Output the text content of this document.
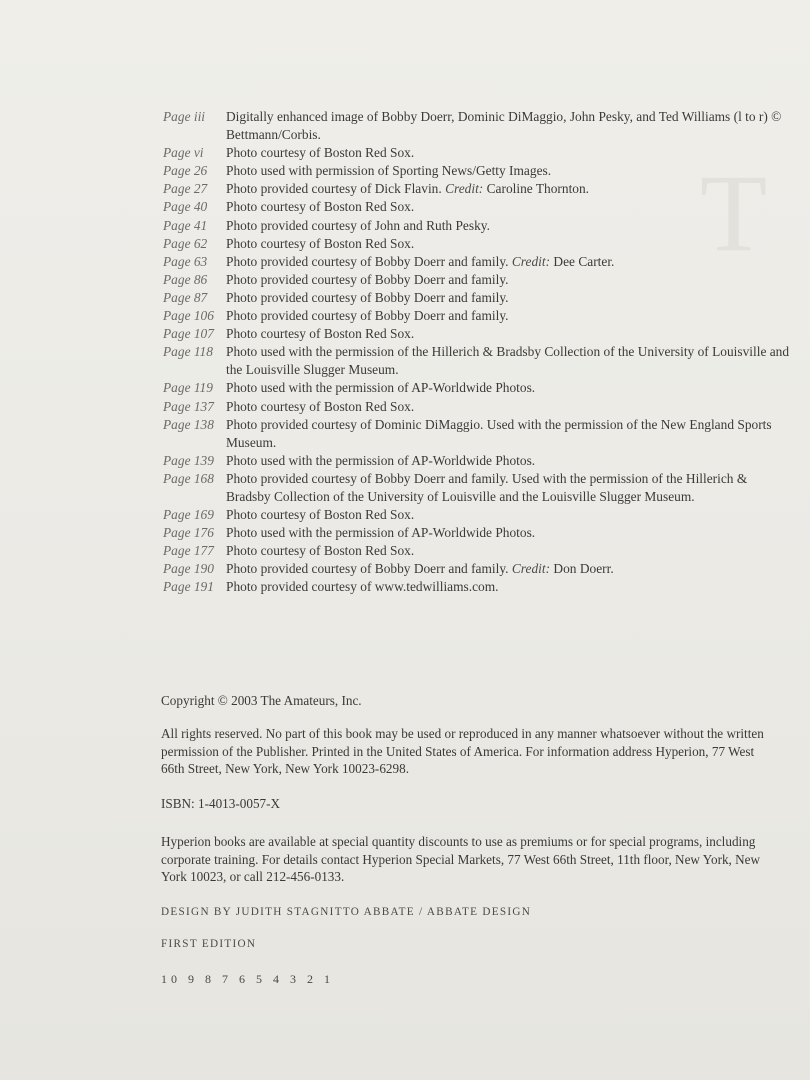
T
Page iii	Digitally enhanced image of Bobby Doerr, Dominic DiMaggio, John Pesky, and Ted Williams (l to r) © Bettmann/Corbis.
Page vi	Photo courtesy of Boston Red Sox.
Page 26	Photo used with permission of Sporting News/Getty Images.
Page 27	Photo provided courtesy of Dick Flavin. Credit: Caroline Thornton.
Page 40	Photo courtesy of Boston Red Sox.
Page 41	Photo provided courtesy of John and Ruth Pesky.
Page 62	Photo courtesy of Boston Red Sox.
Page 63	Photo provided courtesy of Bobby Doerr and family. Credit: Dee Carter.
Page 86	Photo provided courtesy of Bobby Doerr and family.
Page 87	Photo provided courtesy of Bobby Doerr and family.
Page 106 Photo provided courtesy of Bobby Doerr and family.
Page 107 Photo courtesy of Boston Red Sox.
Page 118 Photo used with the permission of the Hillerich & Bradsby Collection of the University of Louisville and the Louisville Slugger Museum.
Page 119 Photo used with the permission of AP-Worldwide Photos.
Page 137 Photo courtesy of Boston Red Sox.
Page 138 Photo provided courtesy of Dominic DiMaggio. Used with the permission of the New England Sports Museum.
Page 139 Photo used with the permission of AP-Worldwide Photos.
Page 168 Photo provided courtesy of Bobby Doerr and family. Used with the permission of the Hillerich & Bradsby Collection of the University of Louisville and the Louisville Slugger Museum.
Page 169 Photo courtesy of Boston Red Sox.
Page 176 Photo used with the permission of AP-Worldwide Photos.
Page 177 Photo courtesy of Boston Red Sox.
Page 190 Photo provided courtesy of Bobby Doerr and family. Credit: Don Doerr.
Page 191 Photo provided courtesy of www.tedwilliams.com.
Copyright © 2003 The Amateurs, Inc.
All rights reserved. No part of this book may be used or reproduced in any manner whatsoever without the written permission of the Publisher. Printed in the United States of America. For information address Hyperion, 77 West 66th Street, New York, New York 10023-6298.
ISBN: 1-4013-0057-X
Hyperion books are available at special quantity discounts to use as premiums or for special programs, including corporate training. For details contact Hyperion Special Markets, 77 West 66th Street, 11th floor, New York, New York 10023, or call 212-456-0133.
DESIGN BY JUDITH STAGNITTO ABBATE / ABBATE DESIGN
FIRST EDITION
10 9 8 7 6 5 4 3 2 1
